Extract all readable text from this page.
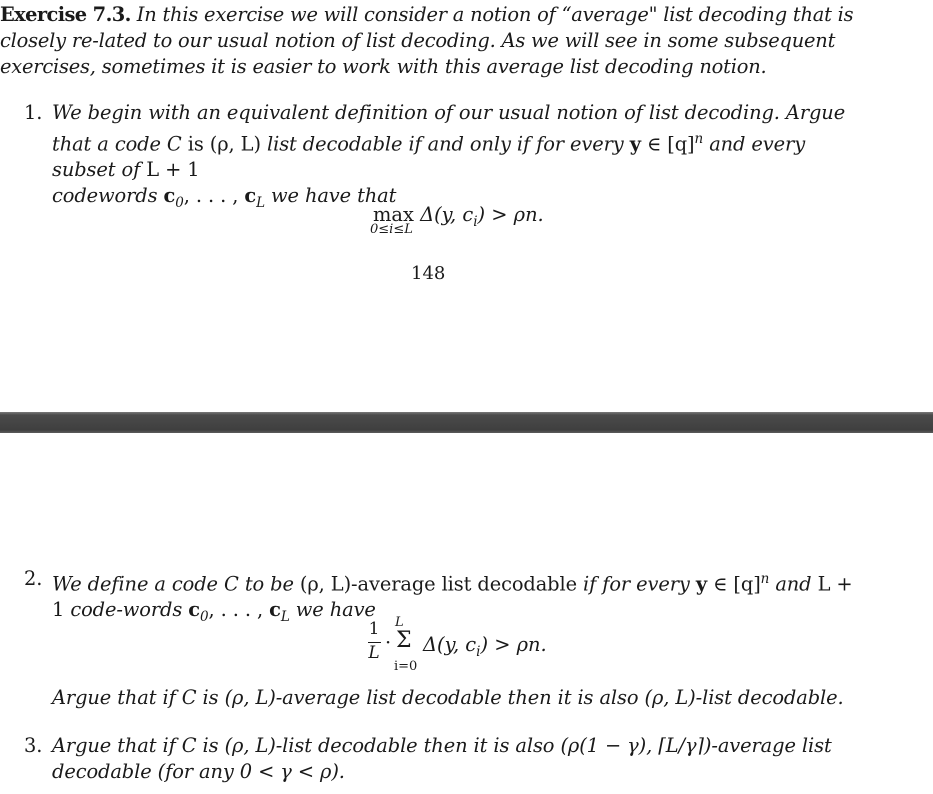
Exercise 7.3. In this exercise we will consider a notion of “average" list decoding that is closely re-lated to our usual notion of list decoding. As we will see in some subsequent exercises, sometimes it is easier to work with this average list decoding notion.
1. We begin with an equivalent definition of our usual notion of list decoding. Argue that a code C is (ρ, L) list decodable if and only if for every y ∈ $[q]^n$ and every subset of L + 1
codewords $c_0$, . . . , $c_L$ we have that
max Δ(y, $c_i) > \rho n$.
0≤i≤L
148
2. We define a code C to be (ρ, L)-average list decodable if for every y ∈ $[q]^n$ and L + 1 code-words $c_0$, . . . , $c_L$ we have
1
L ·
L
Σ
i=0
Δ(y, $c_i) > \rho n$.
Argue that if C is (ρ, L)-average list decodable then it is also (ρ, L)-list decodable.
3. Argue that if C is (ρ, L)-list decodable then it is also (ρ(1 − γ), ⌈L/γ⌉)-average list decodable (for any 0 < γ < ρ).
